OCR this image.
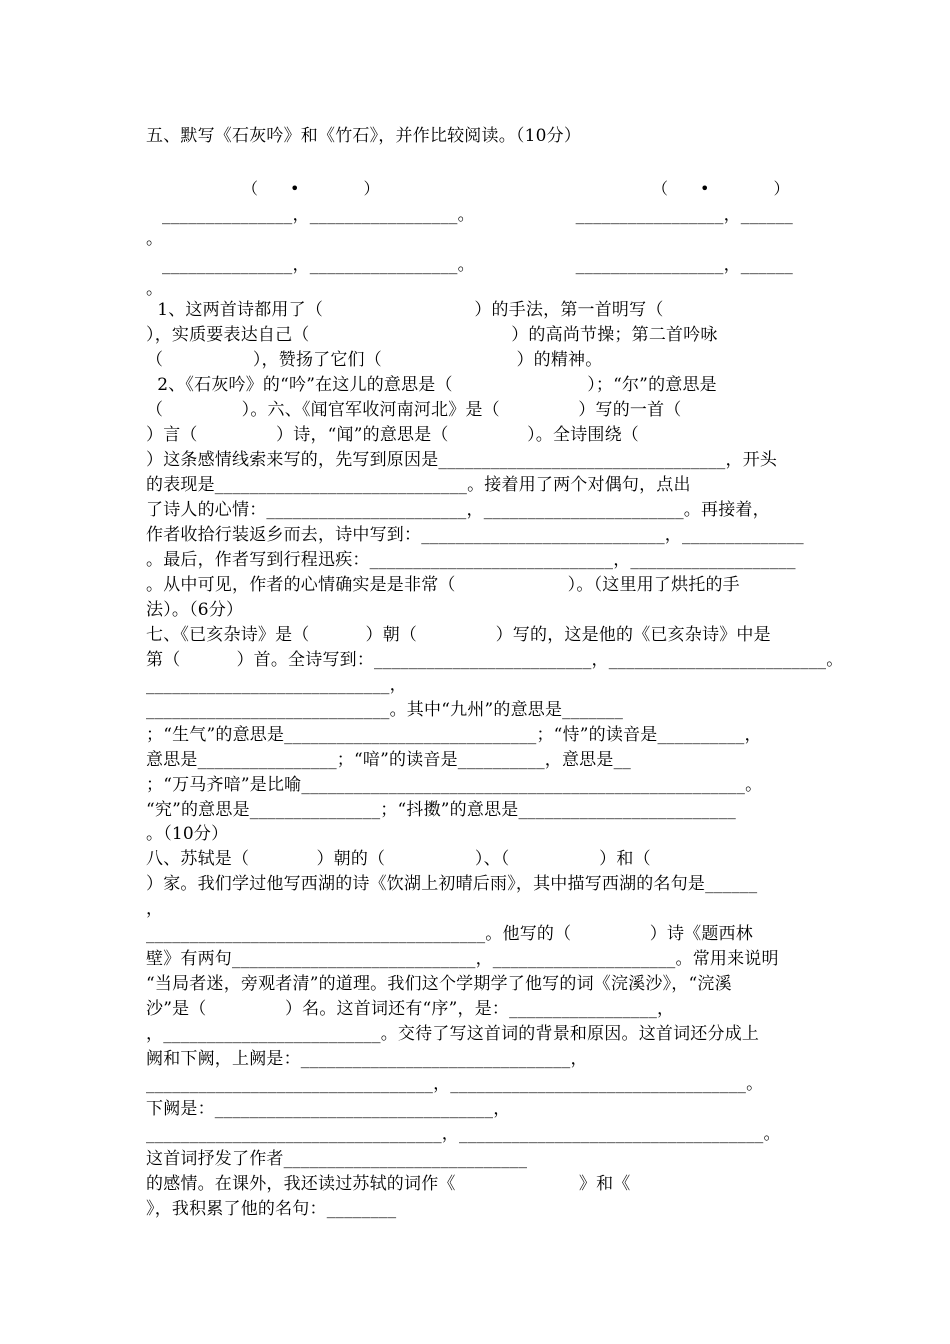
五、默写《石灰吟》和《竹石》，并作比较阅读。（10分）
（　　•　　　　）	（　　•　　　　）
_______________，_________________。                  _________________，______
。
_______________，_________________。                  _________________，______
。
1、这两首诗都用了（                           ）的手法，第一首明写（
），实质要表达自己（                                    ）的高尚节操；第二首吟咏
（                ），赞扬了它们（                        ）的精神。
2、《石灰吟》的“吟”在这儿的意思是（                        ）；“尔”的意思是
（              ）。六、《闻官军收河南河北》是（              ）写的一首（
）言（              ）诗，“闻”的意思是（              ）。全诗围绕（
）这条感情线索来写的，先写到原因是_________________________________，开头
的表现是_____________________________。接着用了两个对偶句，点出
了诗人的心情：_______________________，_______________________。再接着，
作者收拾行装返乡而去，诗中写到：____________________________，______________
。最后，作者写到行程迅疾：____________________________，___________________
。从中可见，作者的心情确实是是非常（                    ）。（这里用了烘托的手
法）。（6分）
七、《已亥杂诗》是（          ）朝（              ）写的，这是他的《已亥杂诗》中是
第（          ）首。全诗写到：_________________________，_________________________。
____________________________，
____________________________。其中“九州”的意思是_______
；“生气”的意思是_____________________________；“恃”的读音是__________，
意思是________________；“喑”的读音是__________，意思是__
；“万马齐喑”是比喻___________________________________________________。
“究”的意思是_______________；“抖擞”的意思是_________________________
。（10分）
八、苏轼是（            ）朝的（                ）、（                ）和（
）家。我们学过他写西湖的诗《饮湖上初晴后雨》，其中描写西湖的名句是______
，
_______________________________________。他写的（              ）诗《题西林
壁》有两句____________________________，_____________________。常用来说明
“当局者迷，旁观者清”的道理。我们这个学期学了他写的词《浣溪沙》，“浣溪
沙”是（              ）名。这首词还有“序”，是：_________________，
，_________________________。交待了写这首词的背景和原因。这首词还分成上
阙和下阙，上阙是：_______________________________，
_________________________________，__________________________________。
下阙是：________________________________，
__________________________________，___________________________________。
这首词抒发了作者____________________________
的感情。在课外，我还读过苏轼的词作《                      》和《
》，我积累了他的名句：________
